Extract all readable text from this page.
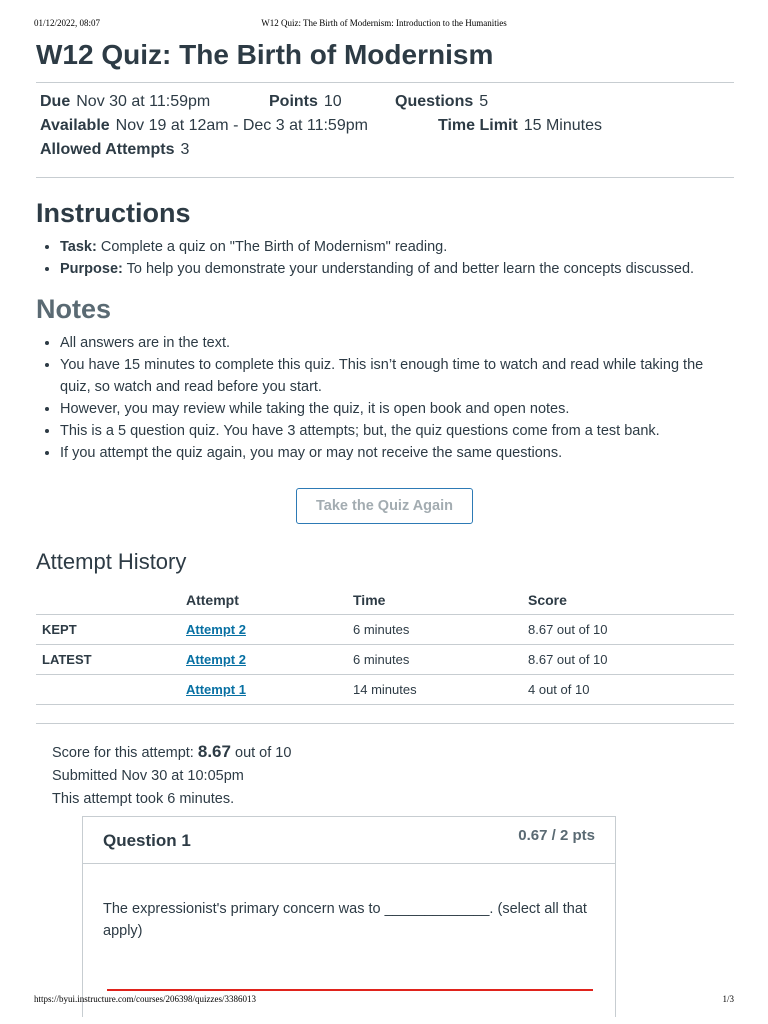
01/12/2022, 08:07	W12 Quiz: The Birth of Modernism: Introduction to the Humanities
W12 Quiz: The Birth of Modernism
Due Nov 30 at 11:59pm	Points 10	Questions 5
Available Nov 19 at 12am - Dec 3 at 11:59pm	Time Limit 15 Minutes
Allowed Attempts 3
Instructions
• Task: Complete a quiz on "The Birth of Modernism" reading.
• Purpose: To help you demonstrate your understanding of and better learn the concepts discussed.
Notes
• All answers are in the text.
• You have 15 minutes to complete this quiz. This isn’t enough time to watch and read while taking the quiz, so watch and read before you start.
• However, you may review while taking the quiz, it is open book and open notes.
• This is a 5 question quiz. You have 3 attempts; but, the quiz questions come from a test bank.
• If you attempt the quiz again, you may or may not receive the same questions.
Take the Quiz Again
Attempt History
	Attempt	Time	Score
KEPT	Attempt 2	6 minutes	8.67 out of 10
LATEST	Attempt 2	6 minutes	8.67 out of 10
	Attempt 1	14 minutes	4 out of 10
Score for this attempt: 8.67 out of 10
Submitted Nov 30 at 10:05pm
This attempt took 6 minutes.
Question 1	0.67 / 2 pts
The expressionist's primary concern was to _____________. (select all that apply)
https://byui.instructure.com/courses/206398/quizzes/3386013	1/3
